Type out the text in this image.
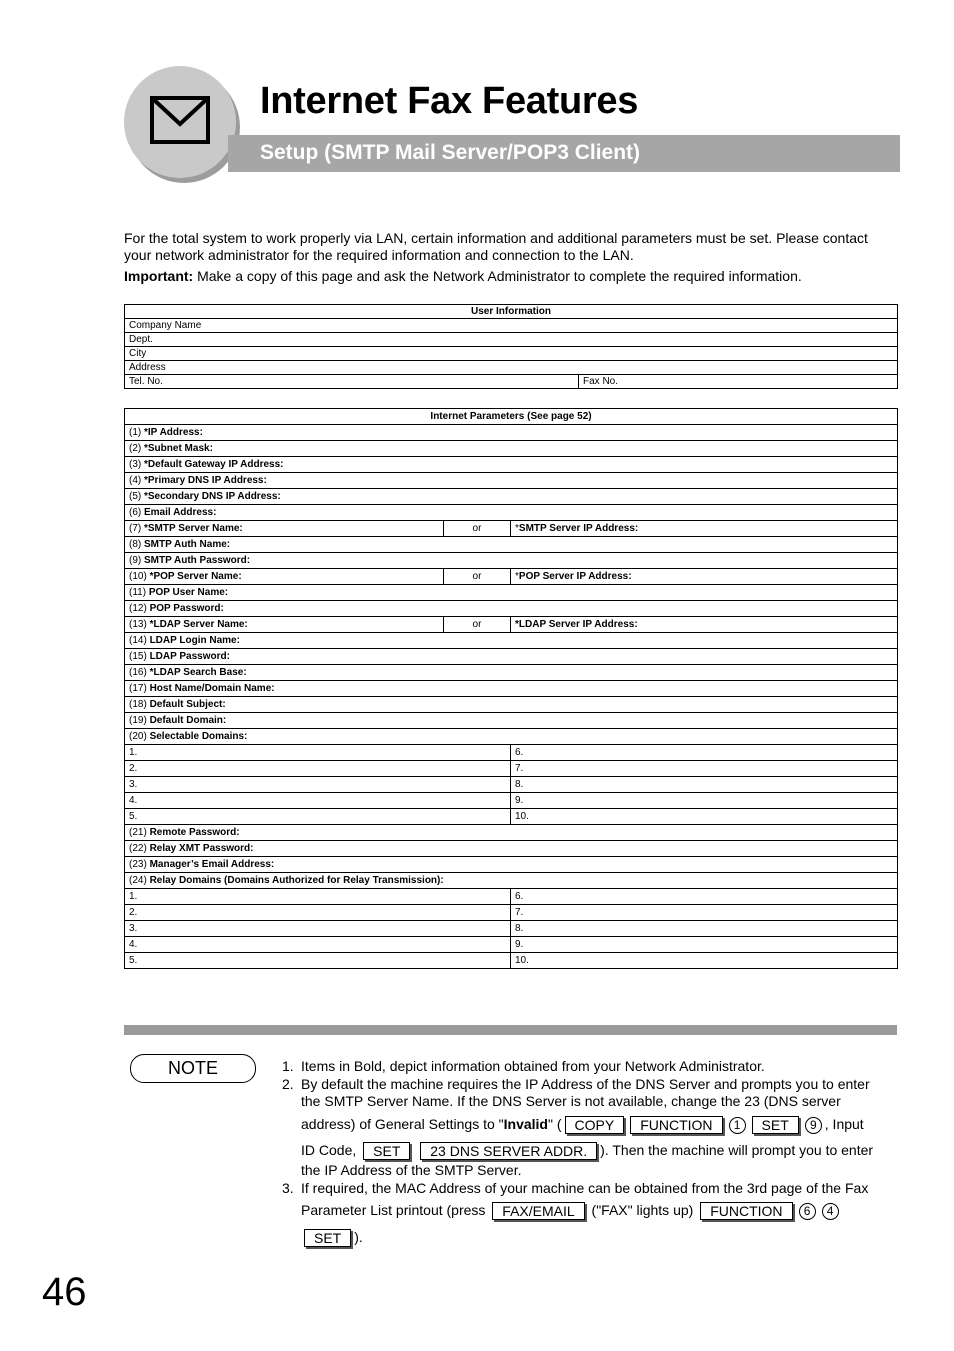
Internet Fax Features
Setup (SMTP Mail Server/POP3 Client)
For the total system to work properly via LAN, certain information and additional parameters must be set. Please contact your network administrator for the required information and connection to the LAN.
Important: Make a copy of this page and ask the Network Administrator to complete the required information.
User Information
Company Name
Dept.
City
Address
Tel. No.	Fax No.
Internet Parameters (See page 52)		
(1) *IP Address:		
(2) *Subnet Mask:		
(3) *Default Gateway IP Address:		
(4) *Primary DNS IP Address:		
(5) *Secondary DNS IP Address:		
(6) Email Address:		
(7) *SMTP Server Name:	or	*SMTP Server IP Address:
(8) SMTP Auth Name:		
(9) SMTP Auth Password:		
(10) *POP Server Name:	or	*POP Server IP Address:
(11) POP User Name:		
(12) POP Password:		
(13) *LDAP Server Name:	or	*LDAP Server IP Address:
(14) LDAP Login Name:		
(15) LDAP Password:		
(16) *LDAP Search Base:		
(17) Host Name/Domain Name:		
(18) Default Subject:		
(19) Default Domain:		
(20) Selectable Domains:		
1.		6.
2.		7.
3.		8.
4.		9.
5.		10.
(21) Remote Password:		
(22) Relay XMT Password:		
(23) Manager’s Email Address:		
(24) Relay Domains (Domains Authorized for Relay Transmission):		
1.		6.
2.		7.
3.		8.
4.		9.
5.		10.
NOTE	1. Items in Bold, depict information obtained from your Network Administrator.
2. By default the machine requires the IP Address of the DNS Server and prompts you to enter
the SMTP Server Name. If the DNS Server is not available, change the 23 (DNS server
address) of General Settings to "Invalid" ( COPY FUNCTION 1 SET 9 , Input
ID Code, SET 23 DNS SERVER ADDR. ). Then the machine will prompt you to enter
the IP Address of the SMTP Server.
3. If required, the MAC Address of your machine can be obtained from the 3rd page of the Fax
Parameter List printout (press FAX/EMAIL ("FAX" lights up) FUNCTION 6 4
SET ).
46
